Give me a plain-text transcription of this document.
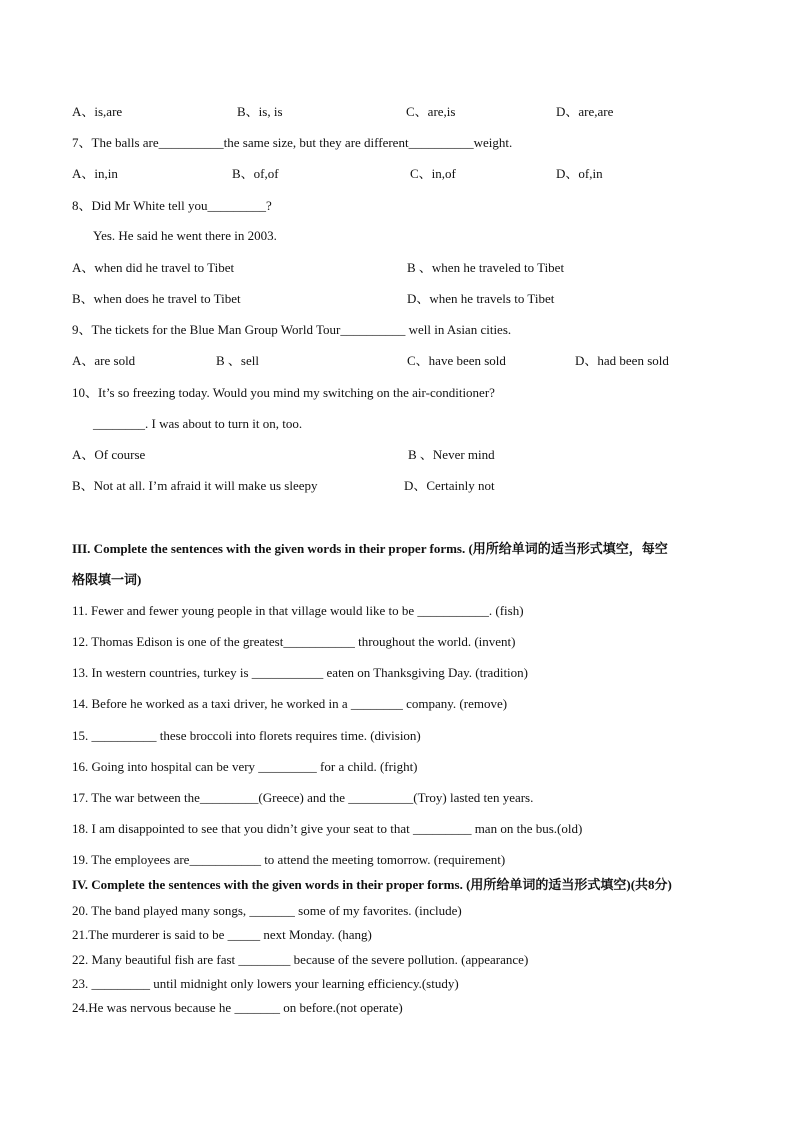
A、is,are	B、is, is	C、are,is	D、are,are
7、The balls are__________the same size, but they are different__________weight.
A、in,in	B、of,of	C、in,of	D、of,in
8、Did Mr White tell you_________?
Yes. He said he went there in 2003.
A、when did he travel to Tibet	B 、when he traveled to Tibet
B、when does he travel to Tibet	D、when he travels to Tibet
9、The tickets for the Blue Man Group World Tour__________ well in Asian cities.
A、are sold	B 、sell	C、have been sold	D、had been sold
10、It’s so freezing today. Would you mind my switching on the air-conditioner?
________. I was about to turn it on, too.
A、Of course	B 、Never mind
B、Not at all. I’m afraid it will make us sleepy	D、Certainly not
III. Complete the sentences with the given words in their proper forms. (用所给单词的适当形式填空，每空
格限填一词)
11. Fewer and fewer young people in that village would like to be ___________. (fish)
12. Thomas Edison is one of the greatest___________ throughout the world. (invent)
13. In western countries, turkey is ___________ eaten on Thanksgiving Day. (tradition)
14. Before he worked as a taxi driver, he worked in a ________ company. (remove)
15. __________ these broccoli into florets requires time. (division)
16. Going into hospital can be very _________ for a child. (fright)
17. The war between the_________(Greece) and the __________(Troy) lasted ten years.
18. I am disappointed to see that you didn’t give your seat to that _________ man on the bus.(old)
19. The employees are___________ to attend the meeting tomorrow. (requirement)
IV. Complete the sentences with the given words in their proper forms. (用所给单词的适当形式填空)(共8分)
20. The band played many songs, _______ some of my favorites. (include)
21.The murderer is said to be _____ next Monday. (hang)
22. Many beautiful fish are fast ________ because of the severe pollution. (appearance)
23. _________ until midnight only lowers your learning efficiency.(study)
24.He was nervous because he _______ on before.(not operate)
